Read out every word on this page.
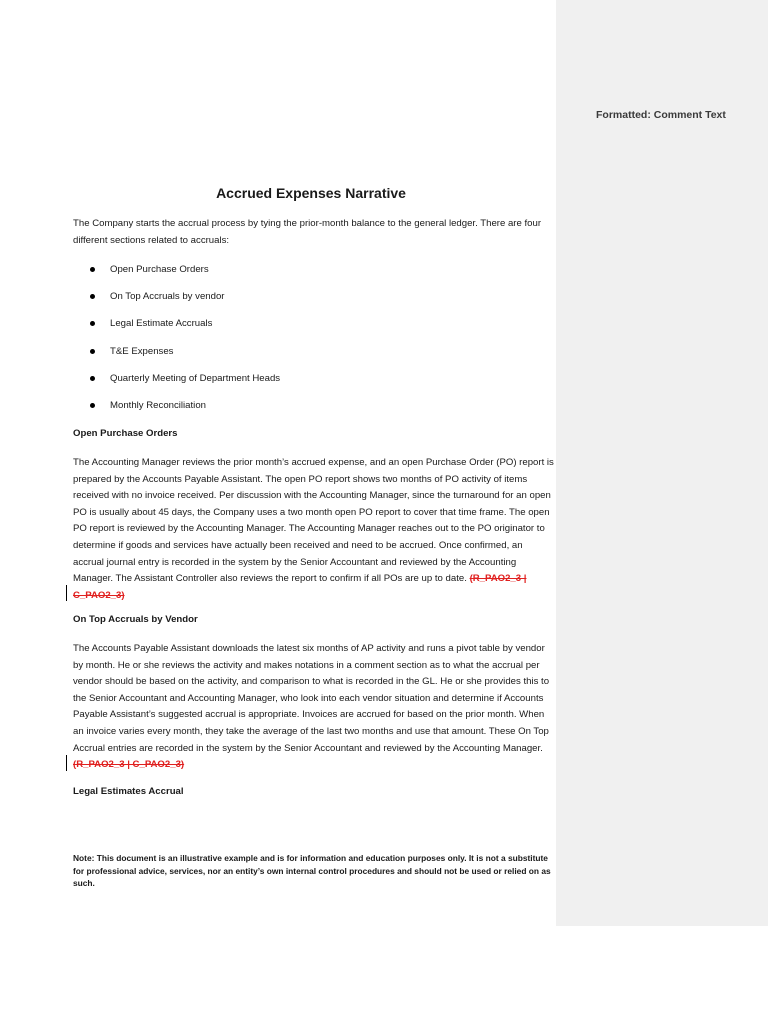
Formatted: Comment Text
Accrued Expenses Narrative
The Company starts the accrual process by tying the prior-month balance to the general ledger. There are four different sections related to accruals:
Open Purchase Orders
On Top Accruals by vendor
Legal Estimate Accruals
T&E Expenses
Quarterly Meeting of Department Heads
Monthly Reconciliation
Open Purchase Orders
The Accounting Manager reviews the prior month’s accrued expense, and an open Purchase Order (PO) report is prepared by the Accounts Payable Assistant. The open PO report shows two months of PO activity of items received with no invoice received. Per discussion with the Accounting Manager, since the turnaround for an open PO is usually about 45 days, the Company uses a two month open PO report to cover that time frame. The open PO report is reviewed by the Accounting Manager. The Accounting Manager reaches out to the PO originator to determine if goods and services have actually been received and need to be accrued. Once confirmed, an accrual journal entry is recorded in the system by the Senior Accountant and reviewed by the Accounting Manager. The Assistant Controller also reviews the report to confirm if all POs are up to date. (R_PAO2_3 | C_PAO2_3)
On Top Accruals by Vendor
The Accounts Payable Assistant downloads the latest six months of AP activity and runs a pivot table by vendor by month. He or she reviews the activity and makes notations in a comment section as to what the accrual per vendor should be based on the activity, and comparison to what is recorded in the GL. He or she provides this to the Senior Accountant and Accounting Manager, who look into each vendor situation and determine if Accounts Payable Assistant’s suggested accrual is appropriate. Invoices are accrued for based on the prior month. When an invoice varies every month, they take the average of the last two months and use that amount. These On Top Accrual entries are recorded in the system by the Senior Accountant and reviewed by the Accounting Manager. (R_PAO2_3 | C_PAO2_3)
Legal Estimates Accrual
Note: This document is an illustrative example and is for information and education purposes only. It is not a substitute for professional advice, services, nor an entity’s own internal control procedures and should not be used or relied on as such.
